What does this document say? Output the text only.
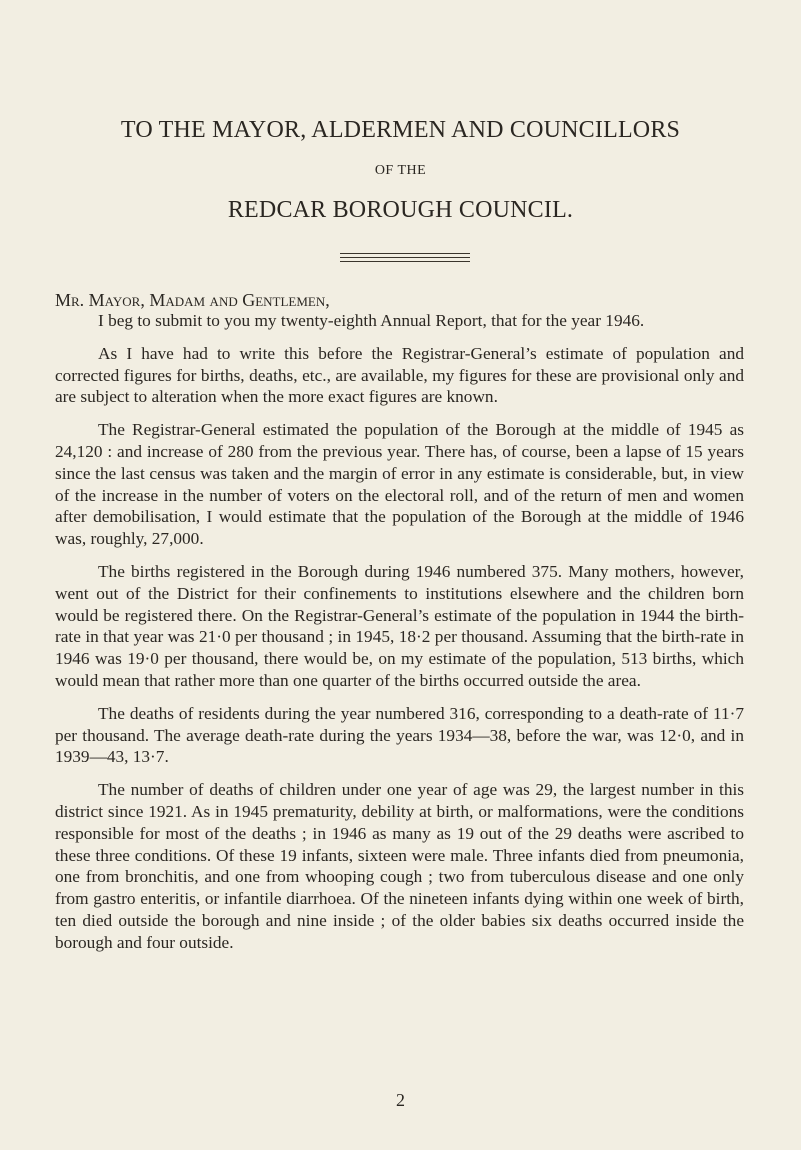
TO THE MAYOR, ALDERMEN AND COUNCILLORS
OF THE
REDCAR BOROUGH COUNCIL.

Mr. Mayor, Madam and Gentlemen,

I beg to submit to you my twenty-eighth Annual Report, that for the year 1946.

As I have had to write this before the Registrar-General’s estimate of population and corrected figures for births, deaths, etc., are available, my figures for these are provisional only and are subject to alteration when the more exact figures are known.

The Registrar-General estimated the population of the Borough at the middle of 1945 as 24,120 : and increase of 280 from the previous year. There has, of course, been a lapse of 15 years since the last census was taken and the margin of error in any estimate is considerable, but, in view of the increase in the number of voters on the electoral roll, and of the return of men and women after demobilisation, I would estimate that the population of the Borough at the middle of 1946 was, roughly, 27,000.

The births registered in the Borough during 1946 numbered 375. Many mothers, however, went out of the District for their confinements to institutions elsewhere and the children born would be registered there. On the Registrar-General’s estimate of the population in 1944 the birth-rate in that year was 21·0 per thousand ; in 1945, 18·2 per thousand. Assuming that the birth-rate in 1946 was 19·0 per thousand, there would be, on my estimate of the population, 513 births, which would mean that rather more than one quarter of the births occurred outside the area.

The deaths of residents during the year numbered 316, corresponding to a death-rate of 11·7 per thousand. The average death-rate during the years 1934—38, before the war, was 12·0, and in 1939—43, 13·7.

The number of deaths of children under one year of age was 29, the largest number in this district since 1921. As in 1945 prematurity, debility at birth, or malformations, were the conditions responsible for most of the deaths ; in 1946 as many as 19 out of the 29 deaths were ascribed to these three conditions. Of these 19 infants, sixteen were male. Three infants died from pneumonia, one from bronchitis, and one from whooping cough ; two from tuberculous disease and one only from gastro enteritis, or infantile diarrhoea. Of the nineteen infants dying within one week of birth, ten died outside the borough and nine inside ; of the older babies six deaths occurred inside the borough and four outside.

2
